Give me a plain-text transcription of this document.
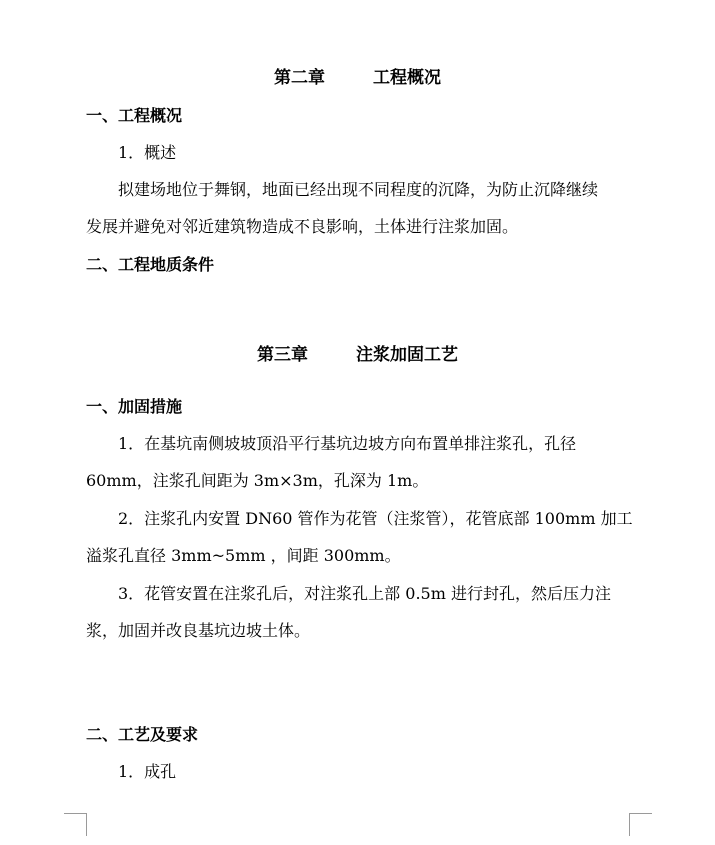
第二章	工程概况
一、工程概况
1．概述
拟建场地位于舞钢，地面已经出现不同程度的沉降，为防止沉降继续
发展并避免对邻近建筑物造成不良影响，土体进行注浆加固。
二、工程地质条件
第三章	注浆加固工艺
一、加固措施
1．在基坑南侧坡坡顶沿平行基坑边坡方向布置单排注浆孔，孔径
60mm，注浆孔间距为 3m×3m，孔深为 1m。
2．注浆孔内安置 DN60 管作为花管（注浆管），花管底部 100mm 加工
溢浆孔直径 3mm~5mm ，间距 300mm。
3．花管安置在注浆孔后，对注浆孔上部 0.5m 进行封孔，然后压力注
浆，加固并改良基坑边坡土体。
二、工艺及要求
1．成孔
